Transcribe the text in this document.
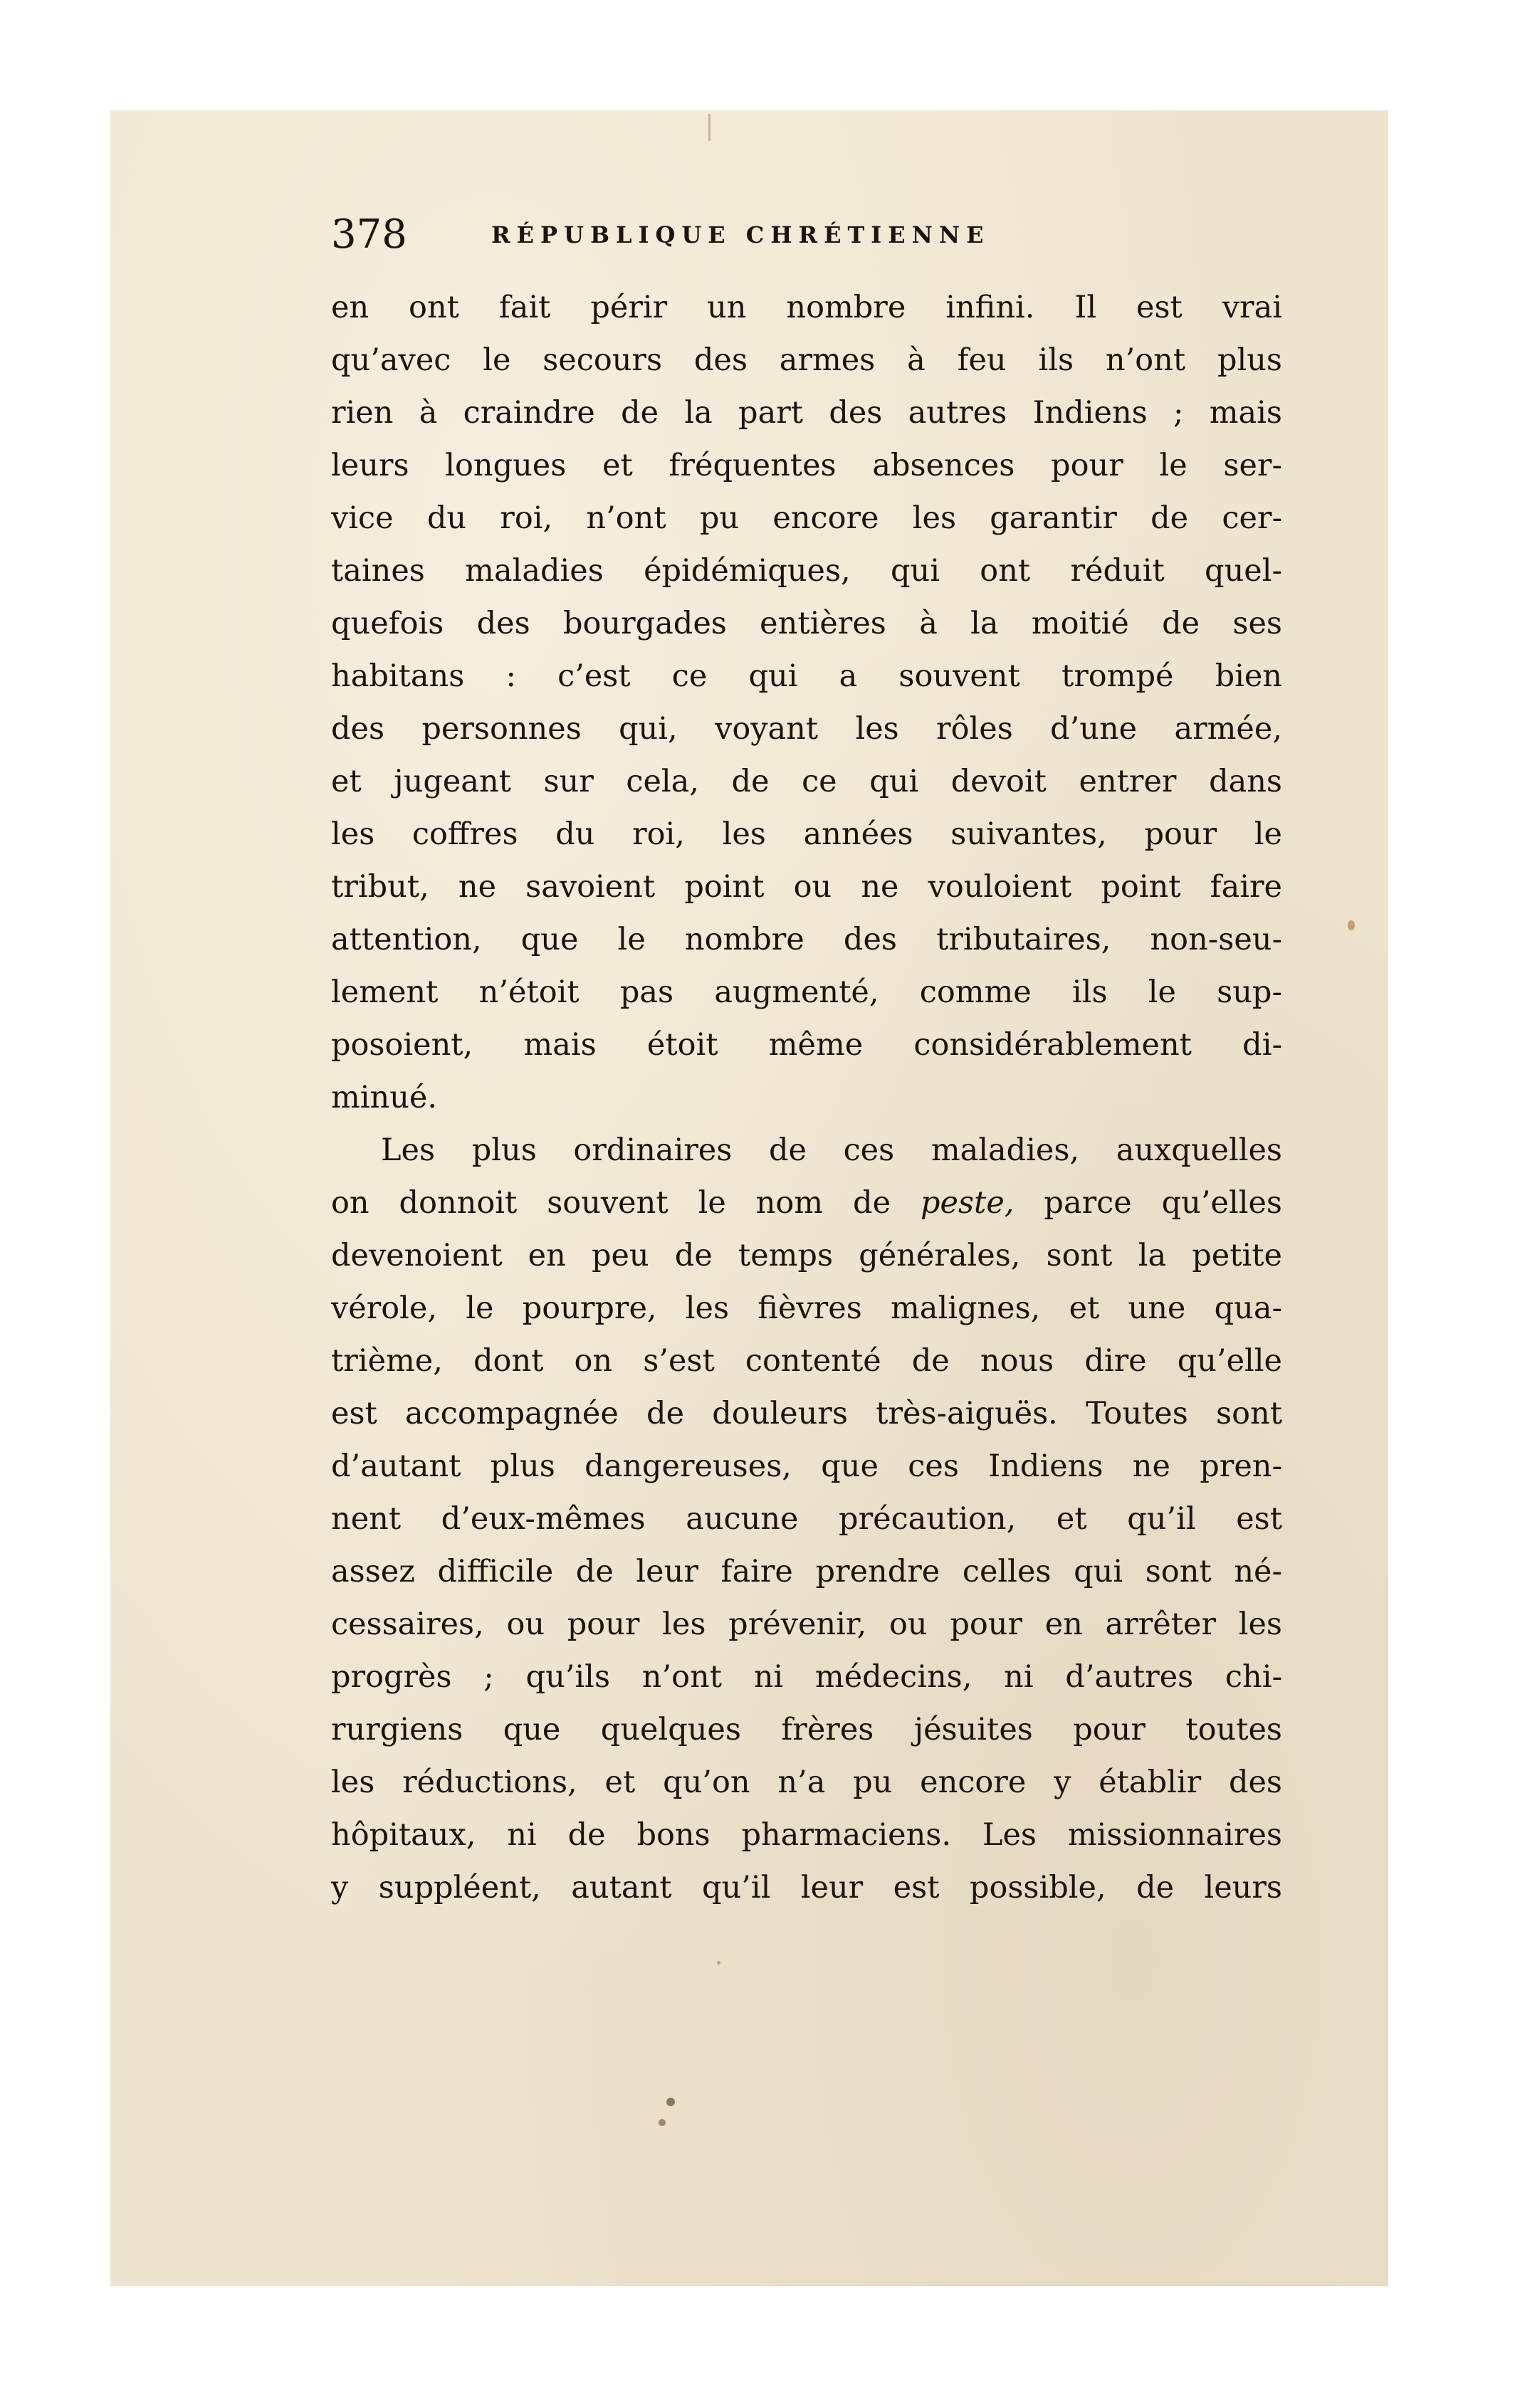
378	RÉPUBLIQUE CHRÉTIENNE
en ont fait périr un nombre infini. Il est vrai
qu’avec le secours des armes à feu ils n’ont plus
rien à craindre de la part des autres Indiens ; mais
leurs longues et fréquentes absences pour le ser-
vice du roi, n’ont pu encore les garantir de cer-
taines maladies épidémiques, qui ont réduit quel-
quefois des bourgades entières à la moitié de ses
habitans : c’est ce qui a souvent trompé bien
des personnes qui, voyant les rôles d’une armée,
et jugeant sur cela, de ce qui devoit entrer dans
les coffres du roi, les années suivantes, pour le
tribut, ne savoient point ou ne vouloient point faire
attention, que le nombre des tributaires, non-seu-
lement n’étoit pas augmenté, comme ils le sup-
posoient, mais étoit même considérablement di-
minué.
Les plus ordinaires de ces maladies, auxquelles
on donnoit souvent le nom de peste, parce qu’elles
devenoient en peu de temps générales, sont la petite
vérole, le pourpre, les fièvres malignes, et une qua-
trième, dont on s’est contenté de nous dire qu’elle
est accompagnée de douleurs très-aiguës. Toutes sont
d’autant plus dangereuses, que ces Indiens ne pren-
nent d’eux-mêmes aucune précaution, et qu’il est
assez difficile de leur faire prendre celles qui sont né-
cessaires, ou pour les prévenir, ou pour en arrêter les
progrès ; qu’ils n’ont ni médecins, ni d’autres chi-
rurgiens que quelques frères jésuites pour toutes
les réductions, et qu’on n’a pu encore y établir des
hôpitaux, ni de bons pharmaciens. Les missionnaires
y suppléent, autant qu’il leur est possible, de leurs
